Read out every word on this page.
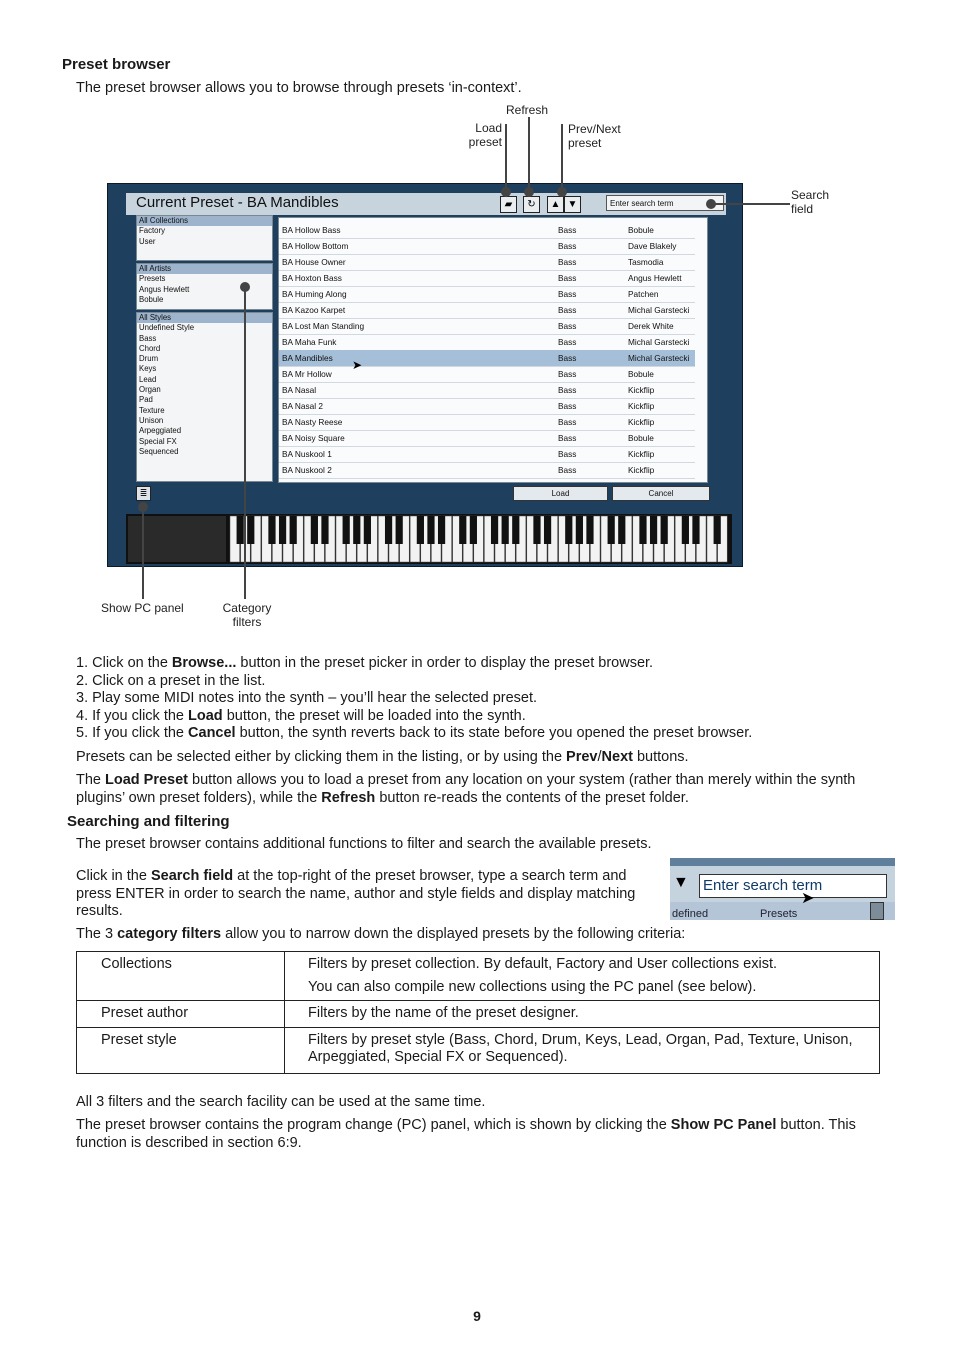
Preset browser
The preset browser allows you to browse through presets ‘in-context’.
Refresh
Load
preset
Prev/Next
preset
Search
field
Show PC panel	Category
filters
Current Preset - BA Mandibles	▰	↻	▲ ▼	Enter search term
All Collections
Factory
User
All Artists
Presets
Angus Hewlett
Bobule
All Styles
Undefined Style
Bass
Chord
Drum
Keys
Lead
Organ
Pad
Texture
Unison
Arpeggiated
Special FX
Sequenced
BA Hollow Bass	Bass	Bobule
BA Hollow Bottom	Bass	Dave Blakely
BA House Owner	Bass	Tasmodia
BA Hoxton Bass	Bass	Angus Hewlett
BA Huming Along	Bass	Patchen
BA Kazoo Karpet	Bass	Michal Garstecki
BA Lost Man Standing	Bass	Derek White
BA Maha Funk	Bass	Michal Garstecki
BA Mandibles	Bass	Michal Garstecki
BA Mr Hollow	Bass	Bobule
BA Nasal	Bass	Kickflip
BA Nasal 2	Bass	Kickflip
BA Nasty Reese	Bass	Kickflip
BA Noisy Square	Bass	Bobule
BA Nuskool 1	Bass	Kickflip
BA Nuskool 2	Bass	Kickflip
➤
≣	Load	Cancel
1. Click on the Browse... button in the preset picker in order to display the preset browser.
2. Click on a preset in the list.
3. Play some MIDI notes into the synth – you’ll hear the selected preset.
4. If you click the Load button, the preset will be loaded into the synth.
5. If you click the Cancel button, the synth reverts back to its state before you opened the preset browser.
Presets can be selected either by clicking them in the listing, or by using the Prev/Next buttons.
The Load Preset button allows you to load a preset from any location on your system (rather than merely within the synth plugins’ own preset folders), while the Refresh button re-reads the contents of the preset folder.
Searching and filtering
The preset browser contains additional functions to filter and search the available presets.
Click in the Search field at the top-right of the preset browser, type a search term and press ENTER in order to search the name, author and style fields and display matching results.
▼ Enter search term
defined	Presets
➤
The 3 category filters allow you to narrow down the displayed presets by the following criteria:
Collections	Filters by preset collection. By default, Factory and User collections exist.
You can also compile new collections using the PC panel (see below).

Preset author	Filters by the name of the preset designer.

Preset style	Filters by preset style (Bass, Chord, Drum, Keys, Lead, Organ, Pad, Texture, Unison, Arpeggiated, Special FX or Sequenced).
All 3 filters and the search facility can be used at the same time.
The preset browser contains the program change (PC) panel, which is shown by clicking the Show PC Panel button. This function is described in section 6:9.
9
